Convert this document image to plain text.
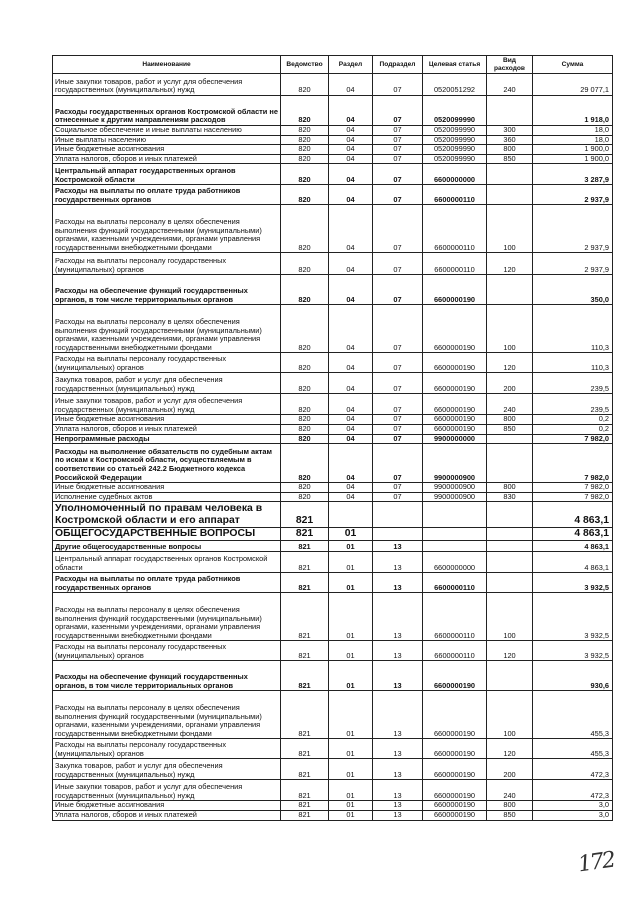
Наименование	Ведомство	Раздел	Подраздел	Целевая статья	Вид расходов	Сумма
Иные закупки товаров, работ и услуг для обеспечения государственных (муниципальных) нужд	820	04	07	0520051292	240	29 077,1
Расходы государственных органов Костромской области не отнесенные к другим направлениям расходов	820	04	07	0520099990		1 918,0
Социальное обеспечение и иные выплаты населению	820	04	07	0520099990	300	18,0
Иные выплаты населению	820	04	07	0520099990	360	18,0
Иные бюджетные ассигнования	820	04	07	0520099990	800	1 900,0
Уплата налогов, сборов и иных платежей	820	04	07	0520099990	850	1 900,0
Центральный аппарат государственных органов Костромской области	820	04	07	6600000000		3 287,9
Расходы на выплаты по оплате труда работников государственных органов	820	04	07	6600000110		2 937,9
Расходы на выплаты персоналу в целях обеспечения выполнения функций государственными (муниципальными) органами, казенными учреждениями, органами управления государственными внебюджетными фондами	820	04	07	6600000110	100	2 937,9
Расходы на выплаты персоналу государственных (муниципальных) органов	820	04	07	6600000110	120	2 937,9
Расходы на обеспечение функций государственных органов, в том числе территориальных органов	820	04	07	6600000190		350,0
Расходы на выплаты персоналу в целях обеспечения выполнения функций государственными (муниципальными) органами, казенными учреждениями, органами управления государственными внебюджетными фондами	820	04	07	6600000190	100	110,3
Расходы на выплаты персоналу государственных (муниципальных) органов	820	04	07	6600000190	120	110,3
Закупка товаров, работ и услуг для обеспечения государственных (муниципальных) нужд	820	04	07	6600000190	200	239,5
Иные закупки товаров, работ и услуг для обеспечения государственных (муниципальных) нужд	820	04	07	6600000190	240	239,5
Иные бюджетные ассигнования	820	04	07	6600000190	800	0,2
Уплата налогов, сборов и иных платежей	820	04	07	6600000190	850	0,2
Непрограммные расходы	820	04	07	9900000000		7 982,0
Расходы на выполнение обязательств по судебным актам по искам к Костромской области, осуществляемым в соответствии со статьей 242.2 Бюджетного кодекса Российской Федерации	820	04	07	9900000900		7 982,0
Иные бюджетные ассигнования	820	04	07	9900000900	800	7 982,0
Исполнение судебных актов	820	04	07	9900000900	830	7 982,0
Уполномоченный по правам человека в Костромской области и его аппарат	821					4 863,1
ОБЩЕГОСУДАРСТВЕННЫЕ ВОПРОСЫ	821	01				4 863,1
Другие общегосударственные вопросы	821	01	13			4 863,1
Центральный аппарат государственных органов Костромской области	821	01	13	6600000000		4 863,1
Расходы на выплаты по оплате труда работников государственных органов	821	01	13	6600000110		3 932,5
Расходы на выплаты персоналу в целях обеспечения выполнения функций государственными (муниципальными) органами, казенными учреждениями, органами управления государственными внебюджетными фондами	821	01	13	6600000110	100	3 932,5
Расходы на выплаты персоналу государственных (муниципальных) органов	821	01	13	6600000110	120	3 932,5
Расходы на обеспечение функций государственных органов, в том числе территориальных органов	821	01	13	6600000190		930,6
Расходы на выплаты персоналу в целях обеспечения выполнения функций государственными (муниципальными) органами, казенными учреждениями, органами управления государственными внебюджетными фондами	821	01	13	6600000190	100	455,3
Расходы на выплаты персоналу государственных (муниципальных) органов	821	01	13	6600000190	120	455,3
Закупка товаров, работ и услуг для обеспечения государственных (муниципальных) нужд	821	01	13	6600000190	200	472,3
Иные закупки товаров, работ и услуг для обеспечения государственных (муниципальных) нужд	821	01	13	6600000190	240	472,3
Иные бюджетные ассигнования	821	01	13	6600000190	800	3,0
Уплата налогов, сборов и иных платежей	821	01	13	6600000190	850	3,0
172
